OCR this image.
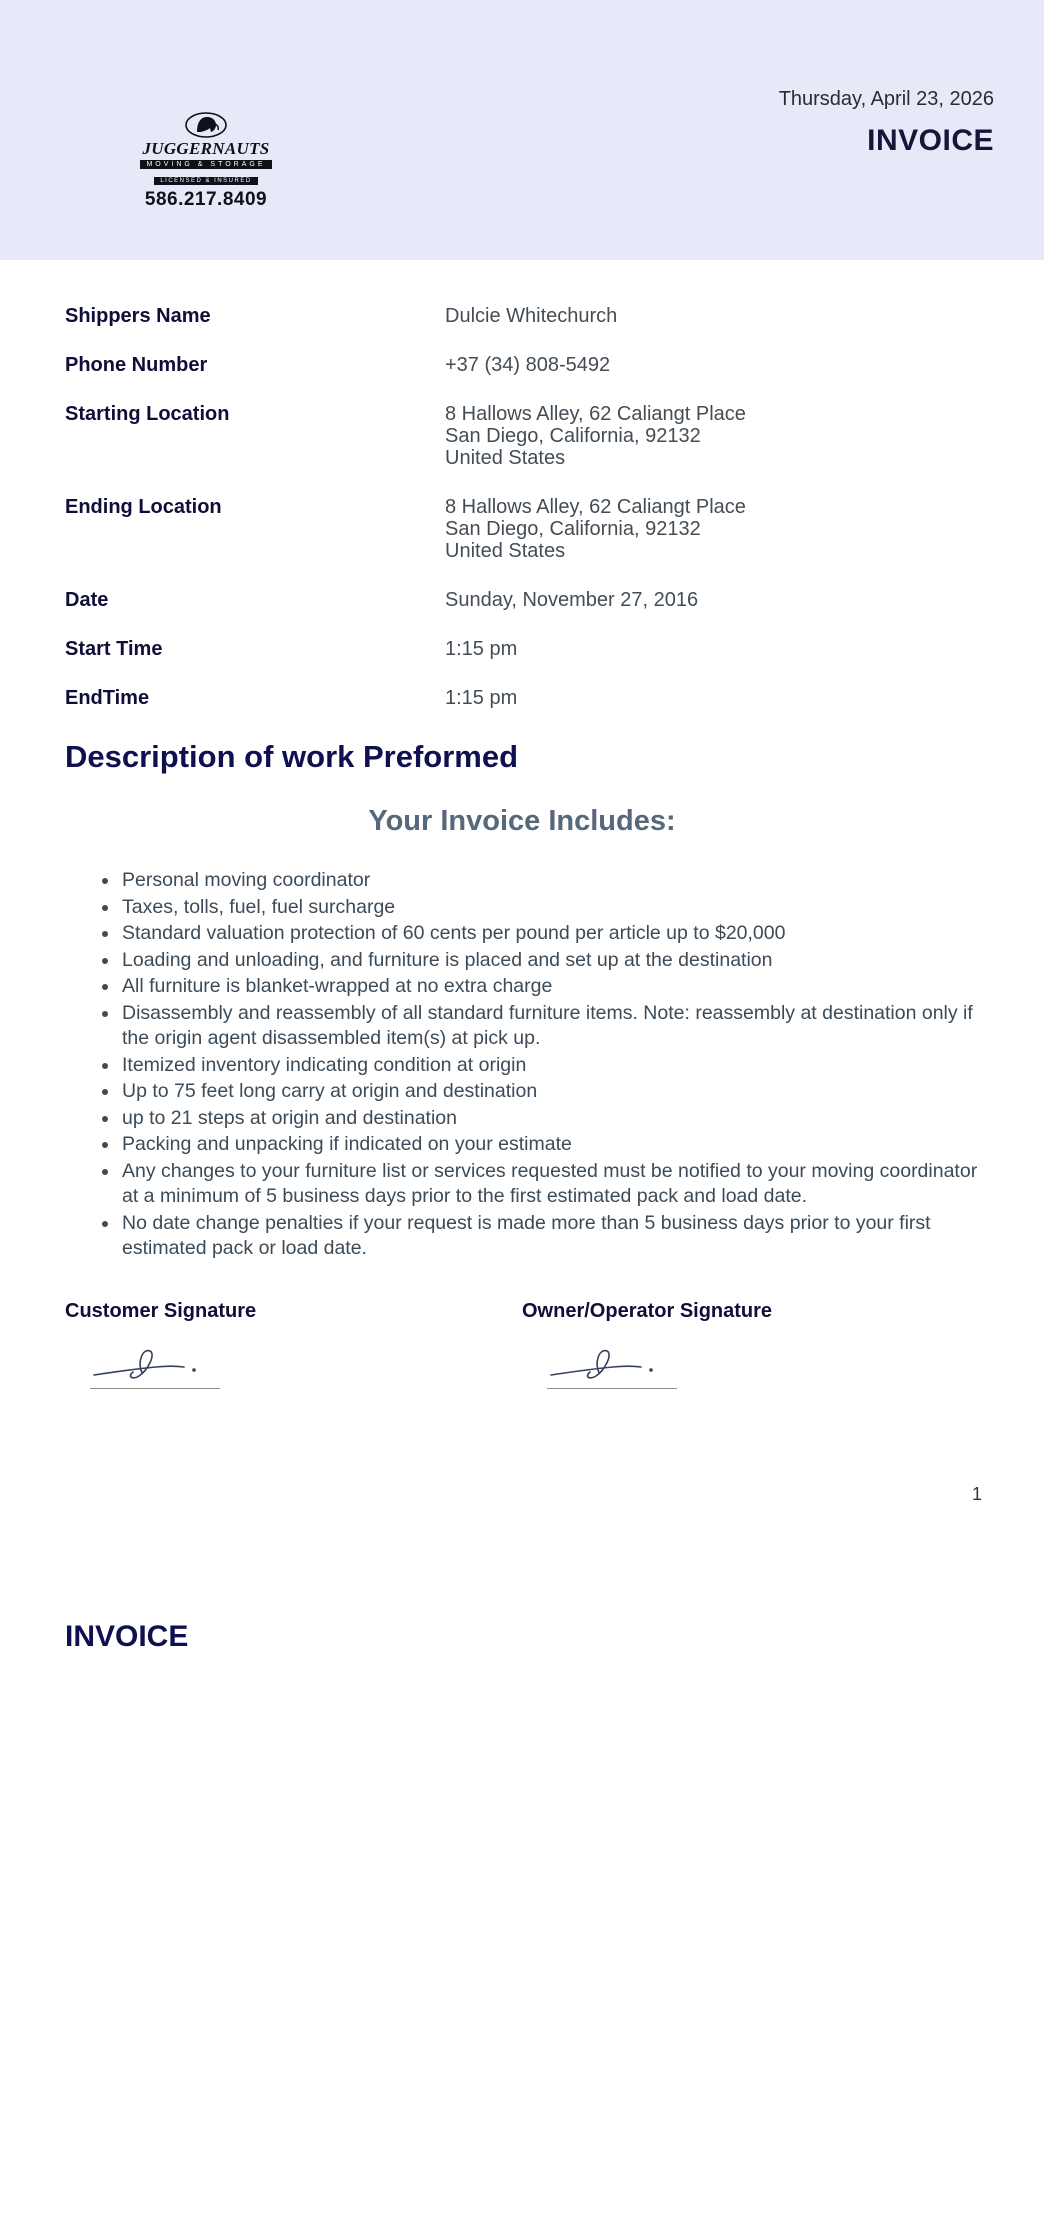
JUGGERNAUTS
MOVING & STORAGE
LICENSED & INSURED
586.217.8409
Thursday, April 23, 2026
INVOICE
Shippers Name	Dulcie Whitechurch
Phone Number	+37 (34) 808-5492
Starting Location	8 Hallows Alley, 62 Caliangt Place
San Diego, California, 92132
United States
Ending Location	8 Hallows Alley, 62 Caliangt Place
San Diego, California, 92132
United States
Date	Sunday, November 27, 2016
Start Time	1:15 pm
EndTime	1:15 pm
Description of work Preformed
Your Invoice Includes:
• Personal moving coordinator
• Taxes, tolls, fuel, fuel surcharge
• Standard valuation protection of 60 cents per pound per article up to $20,000
• Loading and unloading, and furniture is placed and set up at the destination
• All furniture is blanket-wrapped at no extra charge
• Disassembly and reassembly of all standard furniture items. Note: reassembly at destination only if the origin agent disassembled item(s) at pick up.
• Itemized inventory indicating condition at origin
• Up to 75 feet long carry at origin and destination
• up to 21 steps at origin and destination
• Packing and unpacking if indicated on your estimate
• Any changes to your furniture list or services requested must be notified to your moving coordinator at a minimum of 5 business days prior to the first estimated pack and load date.
• No date change penalties if your request is made more than 5 business days prior to your first estimated pack or load date.
Customer Signature	Owner/Operator Signature
1
INVOICE
